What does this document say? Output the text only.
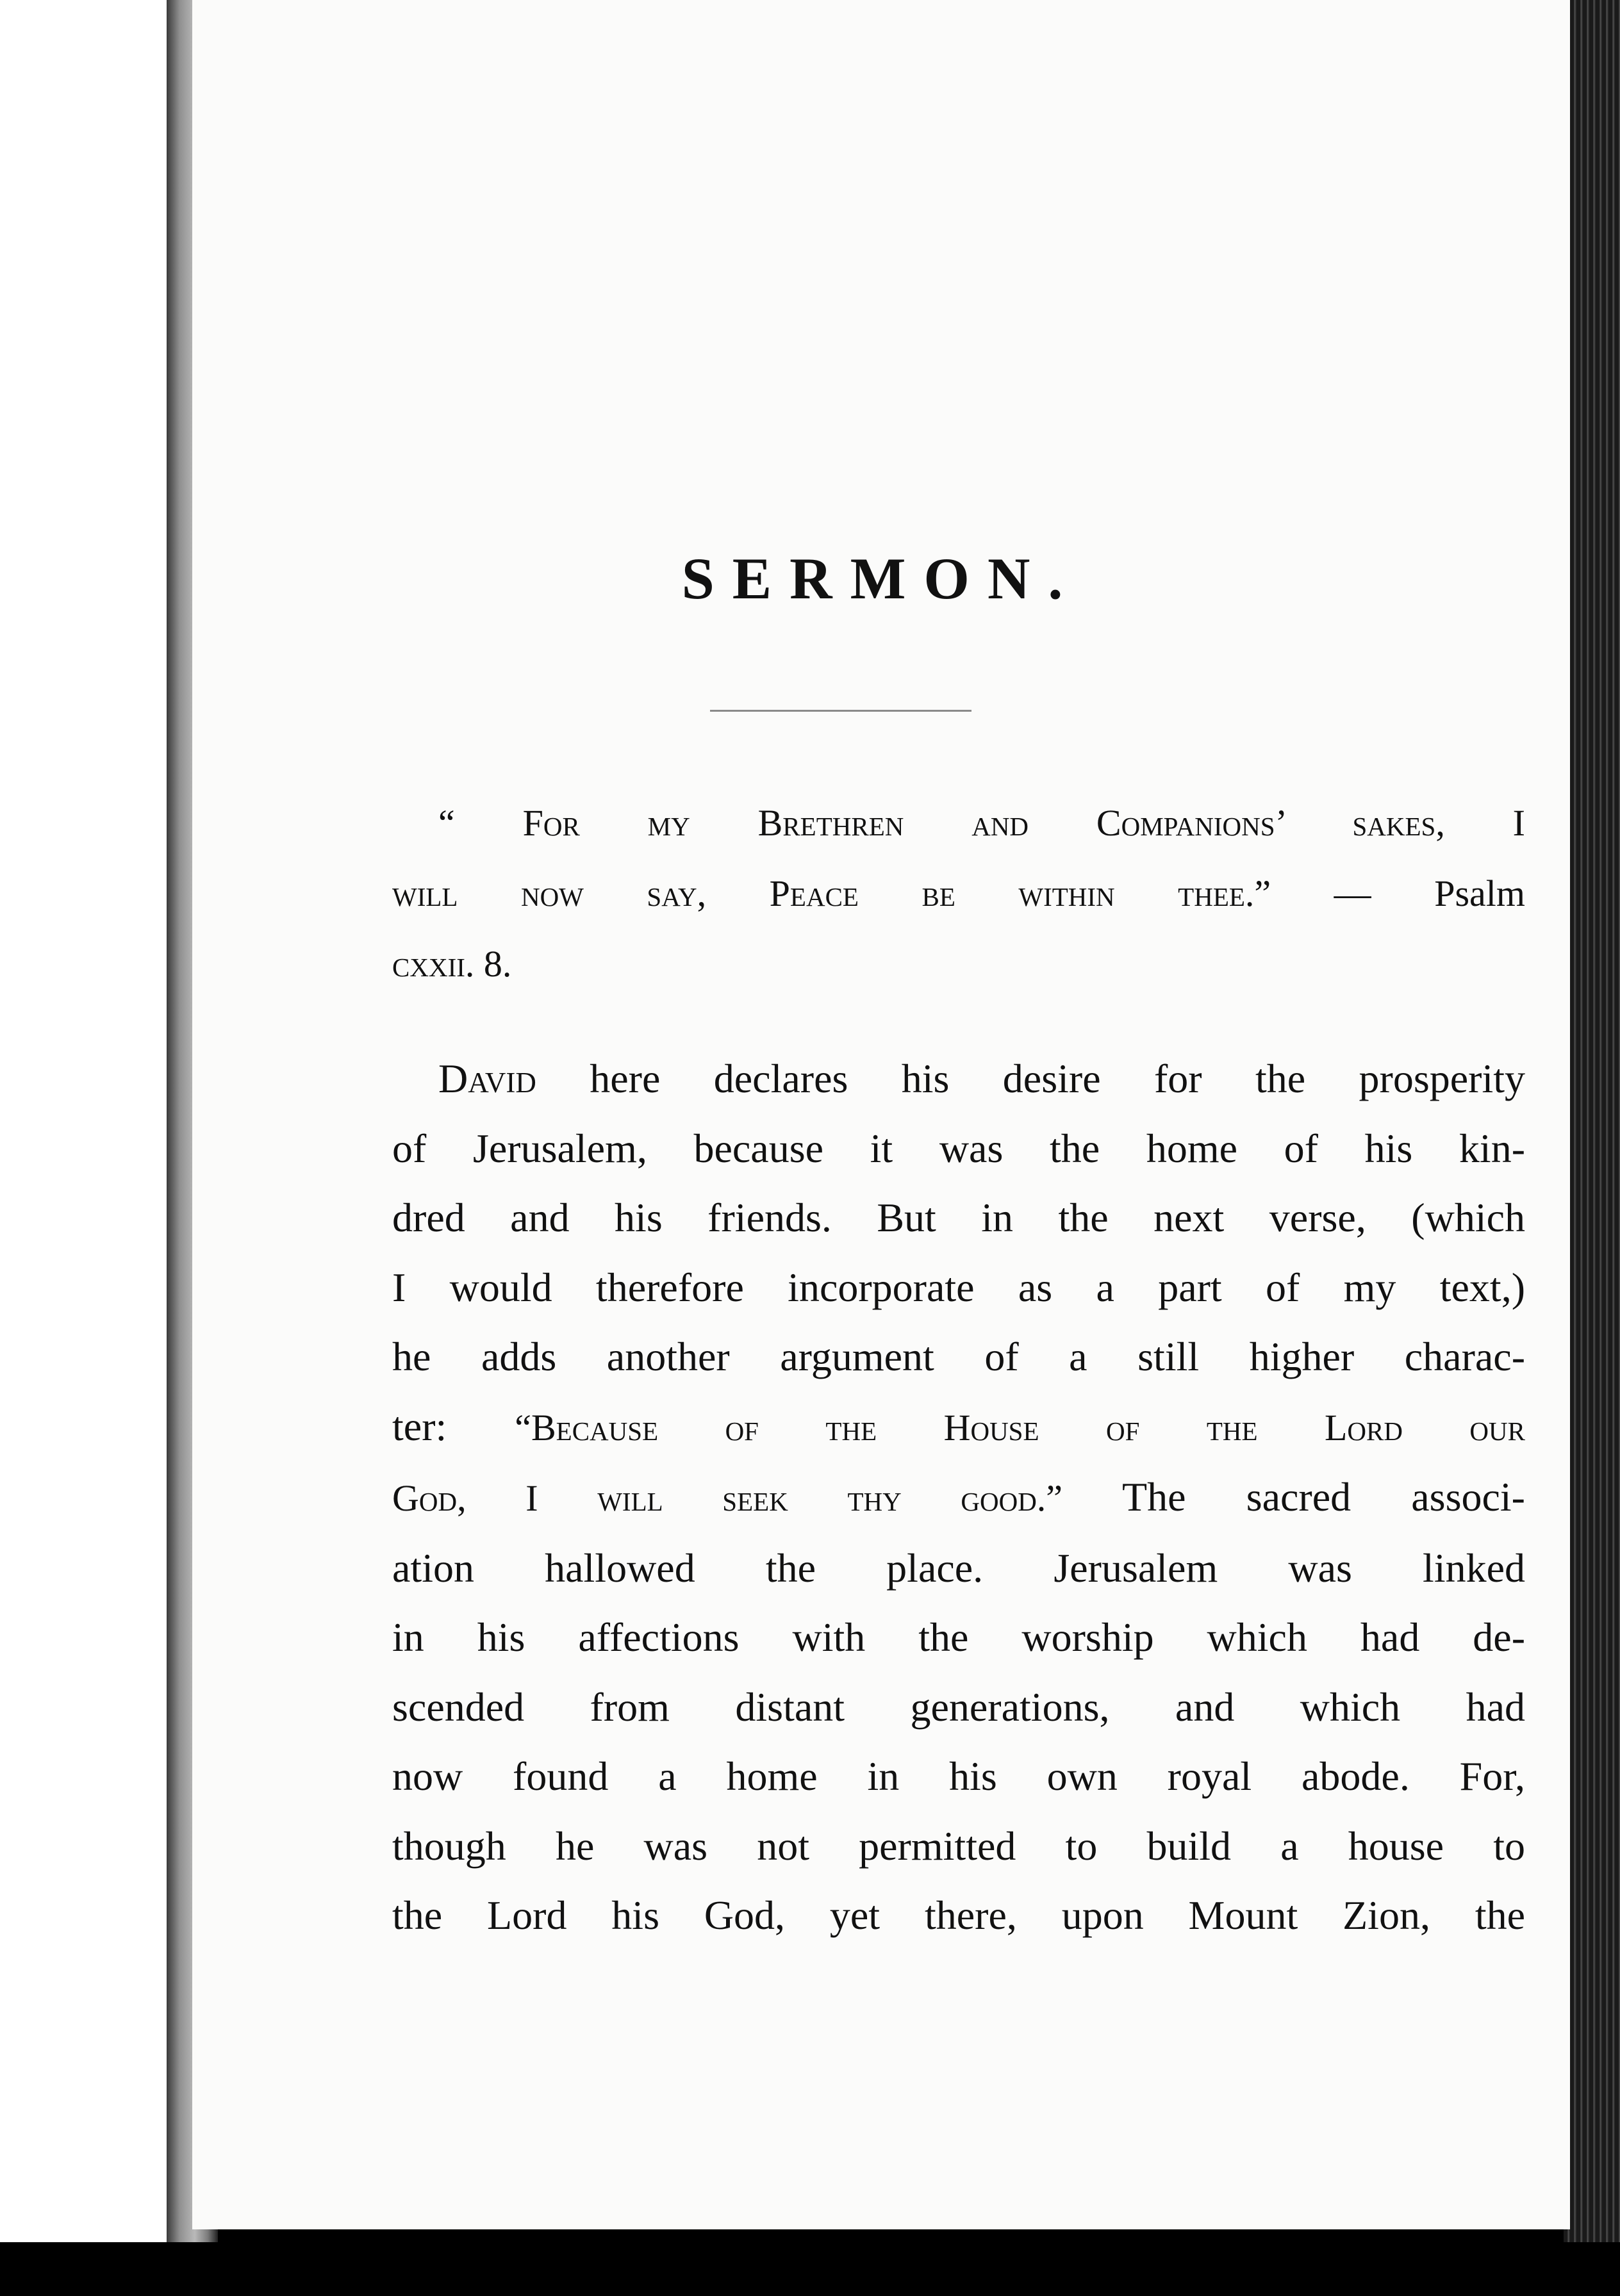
SERMON.
“ For my Brethren and Companions’ sakes, I
will now say, Peace be within thee.” — Psalm
cxxii. 8.
David here declares his desire for the prosperity
of Jerusalem, because it was the home of his kin-
dred and his friends. But in the next verse, (which
I would therefore incorporate as a part of my text,)
he adds another argument of a still higher charac-
ter: “Because of the House of the Lord our
God, I will seek thy good.” The sacred associ-
ation hallowed the place. Jerusalem was linked
in his affections with the worship which had de-
scended from distant generations, and which had
now found a home in his own royal abode. For,
though he was not permitted to build a house to
the Lord his God, yet there, upon Mount Zion, the
